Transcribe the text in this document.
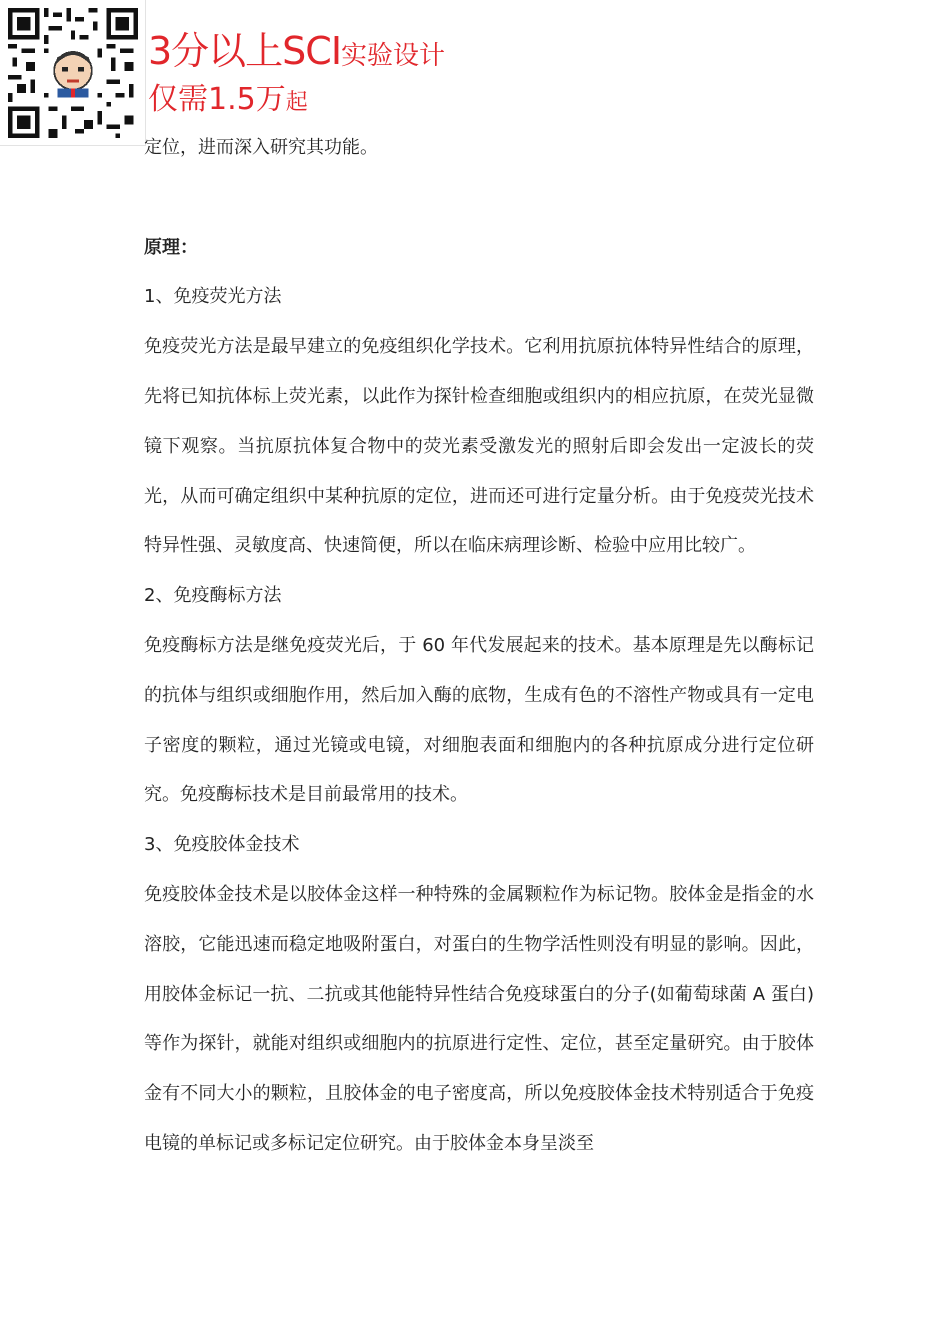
3分以上SCI实验设计
仅需1.5万起

定位，进而深入研究其功能。

原理：

1、免疫荧光方法

免疫荧光方法是最早建立的免疫组织化学技术。它利用抗原抗体特异性结合的原理，先将已知抗体标上荧光素，以此作为探针检查细胞或组织内的相应抗原，在荧光显微镜下观察。当抗原抗体复合物中的荧光素受激发光的照射后即会发出一定波长的荧光，从而可确定组织中某种抗原的定位，进而还可进行定量分析。由于免疫荧光技术特异性强、灵敏度高、快速简便，所以在临床病理诊断、检验中应用比较广。

2、免疫酶标方法

免疫酶标方法是继免疫荧光后，于 60 年代发展起来的技术。基本原理是先以酶标记的抗体与组织或细胞作用，然后加入酶的底物，生成有色的不溶性产物或具有一定电子密度的颗粒，通过光镜或电镜，对细胞表面和细胞内的各种抗原成分进行定位研究。免疫酶标技术是目前最常用的技术。

3、免疫胶体金技术

免疫胶体金技术是以胶体金这样一种特殊的金属颗粒作为标记物。胶体金是指金的水溶胶，它能迅速而稳定地吸附蛋白，对蛋白的生物学活性则没有明显的影响。因此，用胶体金标记一抗、二抗或其他能特异性结合免疫球蛋白的分子(如葡萄球菌 A 蛋白)等作为探针，就能对组织或细胞内的抗原进行定性、定位，甚至定量研究。由于胶体金有不同大小的颗粒，且胶体金的电子密度高，所以免疫胶体金技术特别适合于免疫电镜的单标记或多标记定位研究。由于胶体金本身呈淡至
